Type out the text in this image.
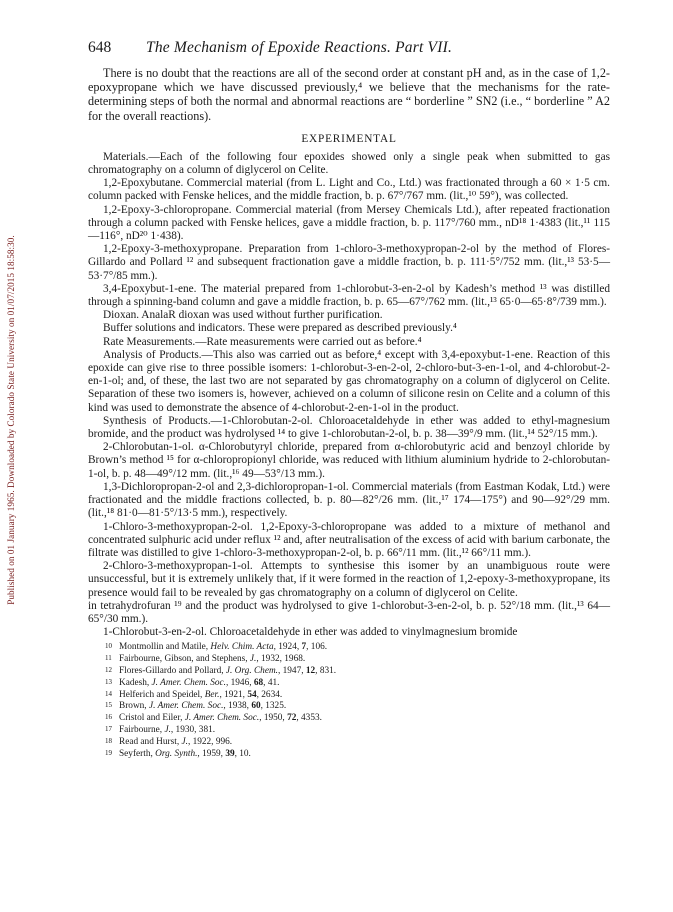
Published on 01 January 1965. Downloaded by Colorado State University on 01/07/2015 18:58:30.
648 The Mechanism of Epoxide Reactions. Part VII.

There is no doubt that the reactions are all of the second order at constant pH and, as in the case of 1,2-epoxypropane which we have discussed previously,⁴ we believe that the mechanisms for the rate-determining steps of both the normal and abnormal reactions are “ borderline ” SN2 (i.e., “ borderline ” A2 for the overall reactions).

EXPERIMENTAL

Materials.—Each of the following four epoxides showed only a single peak when submitted to gas chromatography on a column of diglycerol on Celite.

1,2-Epoxybutane. Commercial material (from L. Light and Co., Ltd.) was fractionated through a 60 × 1·5 cm. column packed with Fenske helices, and the middle fraction, b. p. 67°/767 mm. (lit.,¹⁰ 59°), was collected.

1,2-Epoxy-3-chloropropane. Commercial material (from Mersey Chemicals Ltd.), after repeated fractionation through a column packed with Fenske helices, gave a middle fraction, b. p. 117°/760 mm., nD¹⁸ 1·4383 (lit.,¹¹ 115—116°, nD²⁰ 1·438).

1,2-Epoxy-3-methoxypropane. Preparation from 1-chloro-3-methoxypropan-2-ol by the method of Flores-Gillardo and Pollard ¹² and subsequent fractionation gave a middle fraction, b. p. 111·5°/752 mm. (lit.,¹³ 53·5—53·7°/85 mm.).

3,4-Epoxybut-1-ene. The material prepared from 1-chlorobut-3-en-2-ol by Kadesh’s method ¹³ was distilled through a spinning-band column and gave a middle fraction, b. p. 65—67°/762 mm. (lit.,¹³ 65·0—65·8°/739 mm.).

Dioxan. AnalaR dioxan was used without further purification.

Buffer solutions and indicators. These were prepared as described previously.⁴

Rate Measurements.—Rate measurements were carried out as before.⁴

Analysis of Products.—This also was carried out as before,⁴ except with 3,4-epoxybut-1-ene. Reaction of this epoxide can give rise to three possible isomers: 1-chlorobut-3-en-2-ol, 2-chloro-but-3-en-1-ol, and 4-chlorobut-2-en-1-ol; and, of these, the last two are not separated by gas chromatography on a column of diglycerol on Celite. Separation of these two isomers is, however, achieved on a column of silicone resin on Celite and a column of this kind was used to demonstrate the absence of 4-chlorobut-2-en-1-ol in the product.

Synthesis of Products.—1-Chlorobutan-2-ol. Chloroacetaldehyde in ether was added to ethyl-magnesium bromide, and the product was hydrolysed ¹⁴ to give 1-chlorobutan-2-ol, b. p. 38—39°/9 mm. (lit.,¹⁴ 52°/15 mm.).

2-Chlorobutan-1-ol. α-Chlorobutyryl chloride, prepared from α-chlorobutyric acid and benzoyl chloride by Brown’s method ¹⁵ for α-chloropropionyl chloride, was reduced with lithium aluminium hydride to 2-chlorobutan-1-ol, b. p. 48—49°/12 mm. (lit.,¹⁶ 49—53°/13 mm.).

1,3-Dichloropropan-2-ol and 2,3-dichloropropan-1-ol. Commercial materials (from Eastman Kodak, Ltd.) were fractionated and the middle fractions collected, b. p. 80—82°/26 mm. (lit.,¹⁷ 174—175°) and 90—92°/29 mm. (lit.,¹⁸ 81·0—81·5°/13·5 mm.), respectively.

1-Chloro-3-methoxypropan-2-ol. 1,2-Epoxy-3-chloropropane was added to a mixture of methanol and concentrated sulphuric acid under reflux ¹² and, after neutralisation of the excess of acid with barium carbonate, the filtrate was distilled to give 1-chloro-3-methoxypropan-2-ol, b. p. 66°/11 mm. (lit.,¹² 66°/11 mm.).

2-Chloro-3-methoxypropan-1-ol. Attempts to synthesise this isomer by an unambiguous route were unsuccessful, but it is extremely unlikely that, if it were formed in the reaction of 1,2-epoxy-3-methoxypropane, its presence would fail to be revealed by gas chromatography on a column of diglycerol on Celite.

in tetrahydrofuran ¹⁹ and the product was hydrolysed to give 1-chlorobut-3-en-2-ol, b. p. 52°/18 mm. (lit.,¹³ 64—65°/30 mm.).

1-Chlorobut-3-en-2-ol. Chloroacetaldehyde in ether was added to vinylmagnesium bromide

10 Montmollin and Matile, Helv. Chim. Acta, 1924, 7, 106.
11 Fairbourne, Gibson, and Stephens, J., 1932, 1968.
12 Flores-Gillardo and Pollard, J. Org. Chem., 1947, 12, 831.
13 Kadesh, J. Amer. Chem. Soc., 1946, 68, 41.
14 Helferich and Speidel, Ber., 1921, 54, 2634.
15 Brown, J. Amer. Chem. Soc., 1938, 60, 1325.
16 Cristol and Eiler, J. Amer. Chem. Soc., 1950, 72, 4353.
17 Fairbourne, J., 1930, 381.
18 Read and Hurst, J., 1922, 996.
19 Seyferth, Org. Synth., 1959, 39, 10.
